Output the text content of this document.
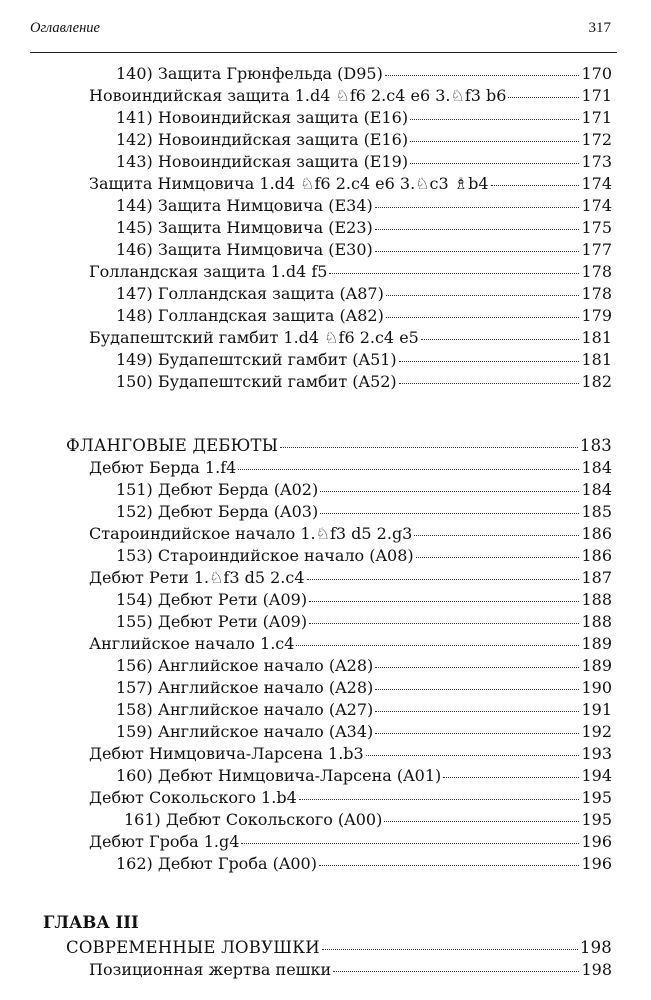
Оглавление	317
140) Защита Грюнфельда (D95)	170
Новоиндийская защита 1.d4 ♘f6 2.c4 e6 3.♘f3 b6	171
141) Новоиндийская защита (E16)	171
142) Новоиндийская защита (E16)	172
143) Новоиндийская защита (E19)	173
Защита Нимцовича 1.d4 ♘f6 2.c4 e6 3.♘c3 ♗b4	174
144) Защита Нимцовича (E34)	174
145) Защита Нимцовича (E23)	175
146) Защита Нимцовича (E30)	177
Голландская защита 1.d4 f5	178
147) Голландская защита (A87)	178
148) Голландская защита (A82)	179
Будапештский гамбит 1.d4 ♘f6 2.c4 e5	181
149) Будапештский гамбит (A51)	181
150) Будапештский гамбит (A52)	182
ФЛАНГОВЫЕ ДЕБЮТЫ	183
Дебют Берда 1.f4	184
151) Дебют Берда (A02)	184
152) Дебют Берда (A03)	185
Староиндийское начало 1.♘f3 d5 2.g3	186
153) Староиндийское начало (A08)	186
Дебют Рети 1.♘f3 d5 2.c4	187
154) Дебют Рети (A09)	188
155) Дебют Рети (A09)	188
Английское начало 1.c4	189
156) Английское начало (A28)	189
157) Английское начало (A28)	190
158) Английское начало (A27)	191
159) Английское начало (A34)	192
Дебют Нимцовича-Ларсена 1.b3	193
160) Дебют Нимцовича-Ларсена (A01)	194
Дебют Сокольского 1.b4	195
161) Дебют Сокольского (A00)	195
Дебют Гроба 1.g4	196
162) Дебют Гроба (A00)	196
ГЛАВА III
СОВРЕМЕННЫЕ ЛОВУШКИ	198
Позиционная жертва пешки	198
